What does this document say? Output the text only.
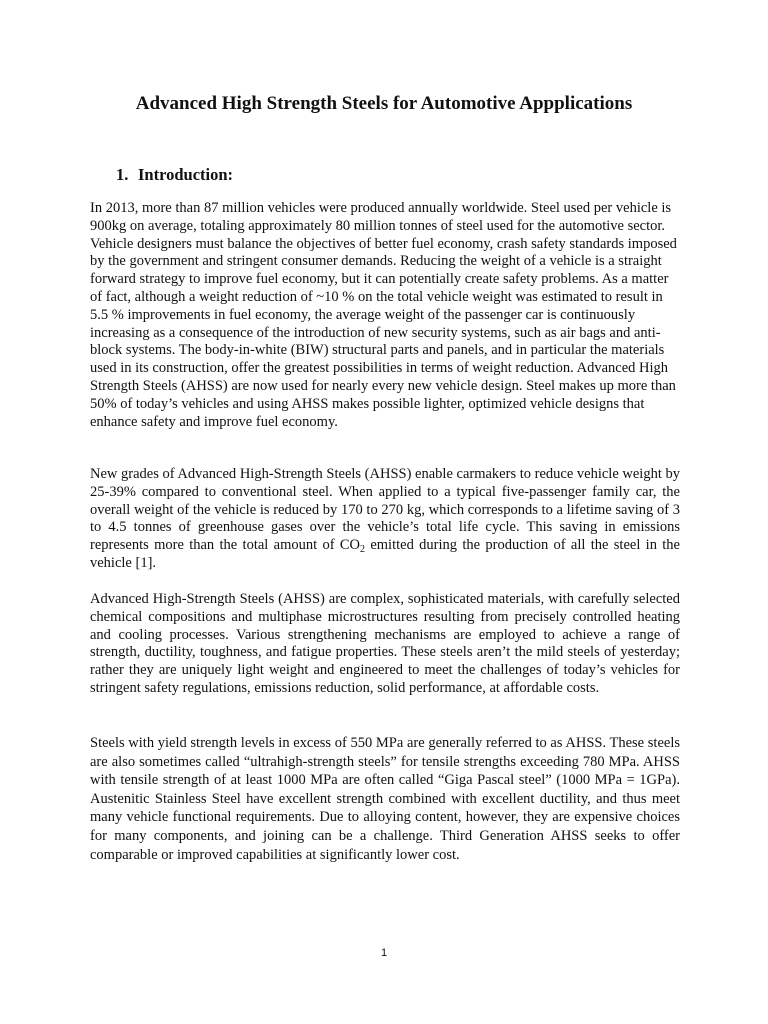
Advanced High Strength Steels for Automotive Appplications
1. Introduction:

In 2013, more than 87 million vehicles were produced annually worldwide. Steel used per vehicle is 900kg on average, totaling approximately 80 million tonnes of steel used for the automotive sector. Vehicle designers must balance the objectives of better fuel economy, crash safety standards imposed by the government and stringent consumer demands. Reducing the weight of a vehicle is a straight forward strategy to improve fuel economy, but it can potentially create safety problems. As a matter of fact, although a weight reduction of ~10 % on the total vehicle weight was estimated to result in 5.5 % improvements in fuel economy, the average weight of the passenger car is continuously increasing as a consequence of the introduction of new security systems, such as air bags and anti-block systems. The body-in-white (BIW) structural parts and panels, and in particular the materials used in its construction, offer the greatest possibilities in terms of weight reduction. Advanced High Strength Steels (AHSS) are now used for nearly every new vehicle design. Steel makes up more than 50% of today’s vehicles and using AHSS makes possible lighter, optimized vehicle designs that enhance safety and improve fuel economy.

New grades of Advanced High-Strength Steels (AHSS) enable carmakers to reduce vehicle weight by 25-39% compared to conventional steel. When applied to a typical five-passenger family car, the overall weight of the vehicle is reduced by 170 to 270 kg, which corresponds to a lifetime saving of 3 to 4.5 tonnes of greenhouse gases over the vehicle’s total life cycle. This saving in emissions represents more than the total amount of $CO_2$ emitted during the production of all the steel in the vehicle [1].

Advanced High-Strength Steels (AHSS) are complex, sophisticated materials, with carefully selected chemical compositions and multiphase microstructures resulting from precisely controlled heating and cooling processes. Various strengthening mechanisms are employed to achieve a range of strength, ductility, toughness, and fatigue properties. These steels aren’t the mild steels of yesterday; rather they are uniquely light weight and engineered to meet the challenges of today’s vehicles for stringent safety regulations, emissions reduction, solid performance, at affordable costs.

Steels with yield strength levels in excess of 550 MPa are generally referred to as AHSS. These steels are also sometimes called “ultrahigh-strength steels” for tensile strengths exceeding 780 MPa. AHSS with tensile strength of at least 1000 MPa are often called “Giga Pascal steel” (1000 MPa = 1GPa). Austenitic Stainless Steel have excellent strength combined with excellent ductility, and thus meet many vehicle functional requirements. Due to alloying content, however, they are expensive choices for many components, and joining can be a challenge. Third Generation AHSS seeks to offer comparable or improved capabilities at significantly lower cost.

1
